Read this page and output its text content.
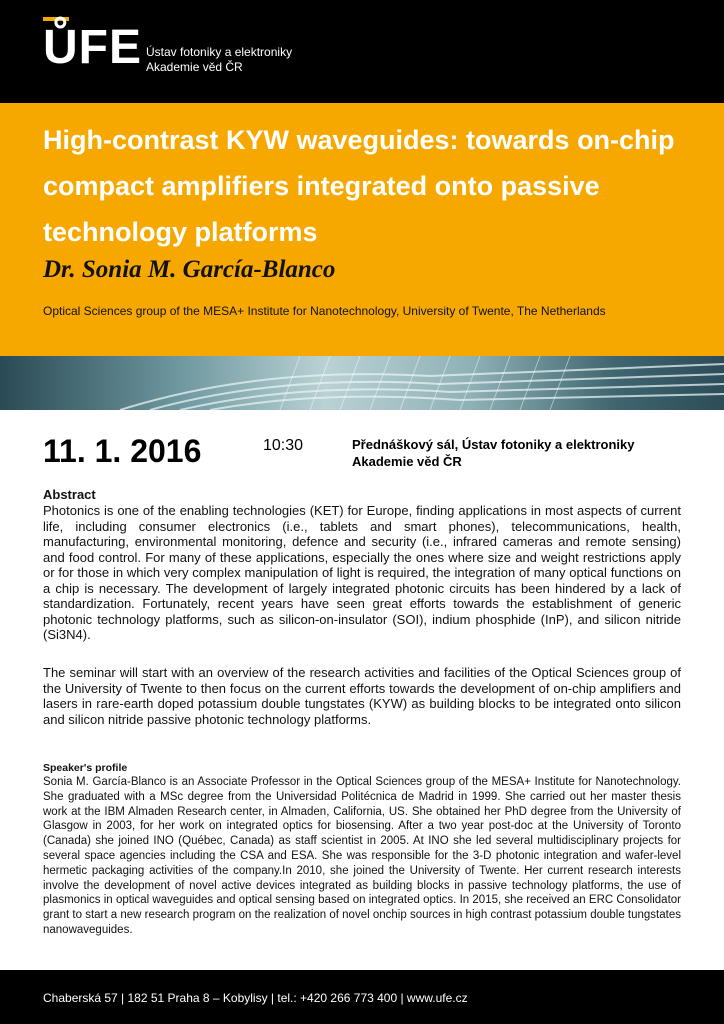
ŮFE Ústav fotoniky a elektroniky
Akademie věd ČR
High-contrast KYW waveguides: towards on-chip compact amplifiers integrated onto passive technology platforms
Dr. Sonia M. García-Blanco
Optical Sciences group of the MESA+ Institute for Nanotechnology, University of Twente, The Netherlands
11. 1. 2016	10:30	Přednáškový sál, Ústav fotoniky a elektroniky
Akademie věd ČR
Abstract
Photonics is one of the enabling technologies (KET) for Europe, finding applications in most aspects of current life, including consumer electronics (i.e., tablets and smart phones), telecommunications, health, manufacturing, environmental monitoring, defence and security (i.e., infrared cameras and remote sensing) and food control. For many of these applications, especially the ones where size and weight restrictions apply or for those in which very complex manipulation of light is required, the integration of many optical functions on a chip is necessary. The development of largely integrated photonic circuits has been hindered by a lack of standardization. Fortunately, recent years have seen great efforts towards the establishment of generic photonic technology platforms, such as silicon-on-insulator (SOI), indium phosphide (InP), and silicon nitride (Si3N4).
The seminar will start with an overview of the research activities and facilities of the Optical Sciences group of the University of Twente to then focus on the current efforts towards the development of on-chip amplifiers and lasers in rare-earth doped potassium double tungstates (KYW) as building blocks to be integrated onto silicon and silicon nitride passive photonic technology platforms.
Speaker's profile
Sonia M. García-Blanco is an Associate Professor in the Optical Sciences group of the MESA+ Institute for Nanotechnology. She graduated with a MSc degree from the Universidad Politécnica de Madrid in 1999. She carried out her master thesis work at the IBM Almaden Research center, in Almaden, California, US. She obtained her PhD degree from the University of Glasgow in 2003, for her work on integrated optics for biosensing. After a two year post-doc at the University of Toronto (Canada) she joined INO (Québec, Canada) as staff scientist in 2005. At INO she led several multidisciplinary projects for several space agencies including the CSA and ESA. She was responsible for the 3-D photonic integration and wafer-level hermetic packaging activities of the company.In 2010, she joined the University of Twente. Her current research interests involve the development of novel active devices integrated as building blocks in passive technology platforms, the use of plasmonics in optical waveguides and optical sensing based on integrated optics. In 2015, she received an ERC Consolidator grant to start a new research program on the realization of novel onchip sources in high contrast potassium double tungstates nanowaveguides.
Chaberská 57 | 182 51 Praha 8 – Kobylisy | tel.: +420 266 773 400 | www.ufe.cz
